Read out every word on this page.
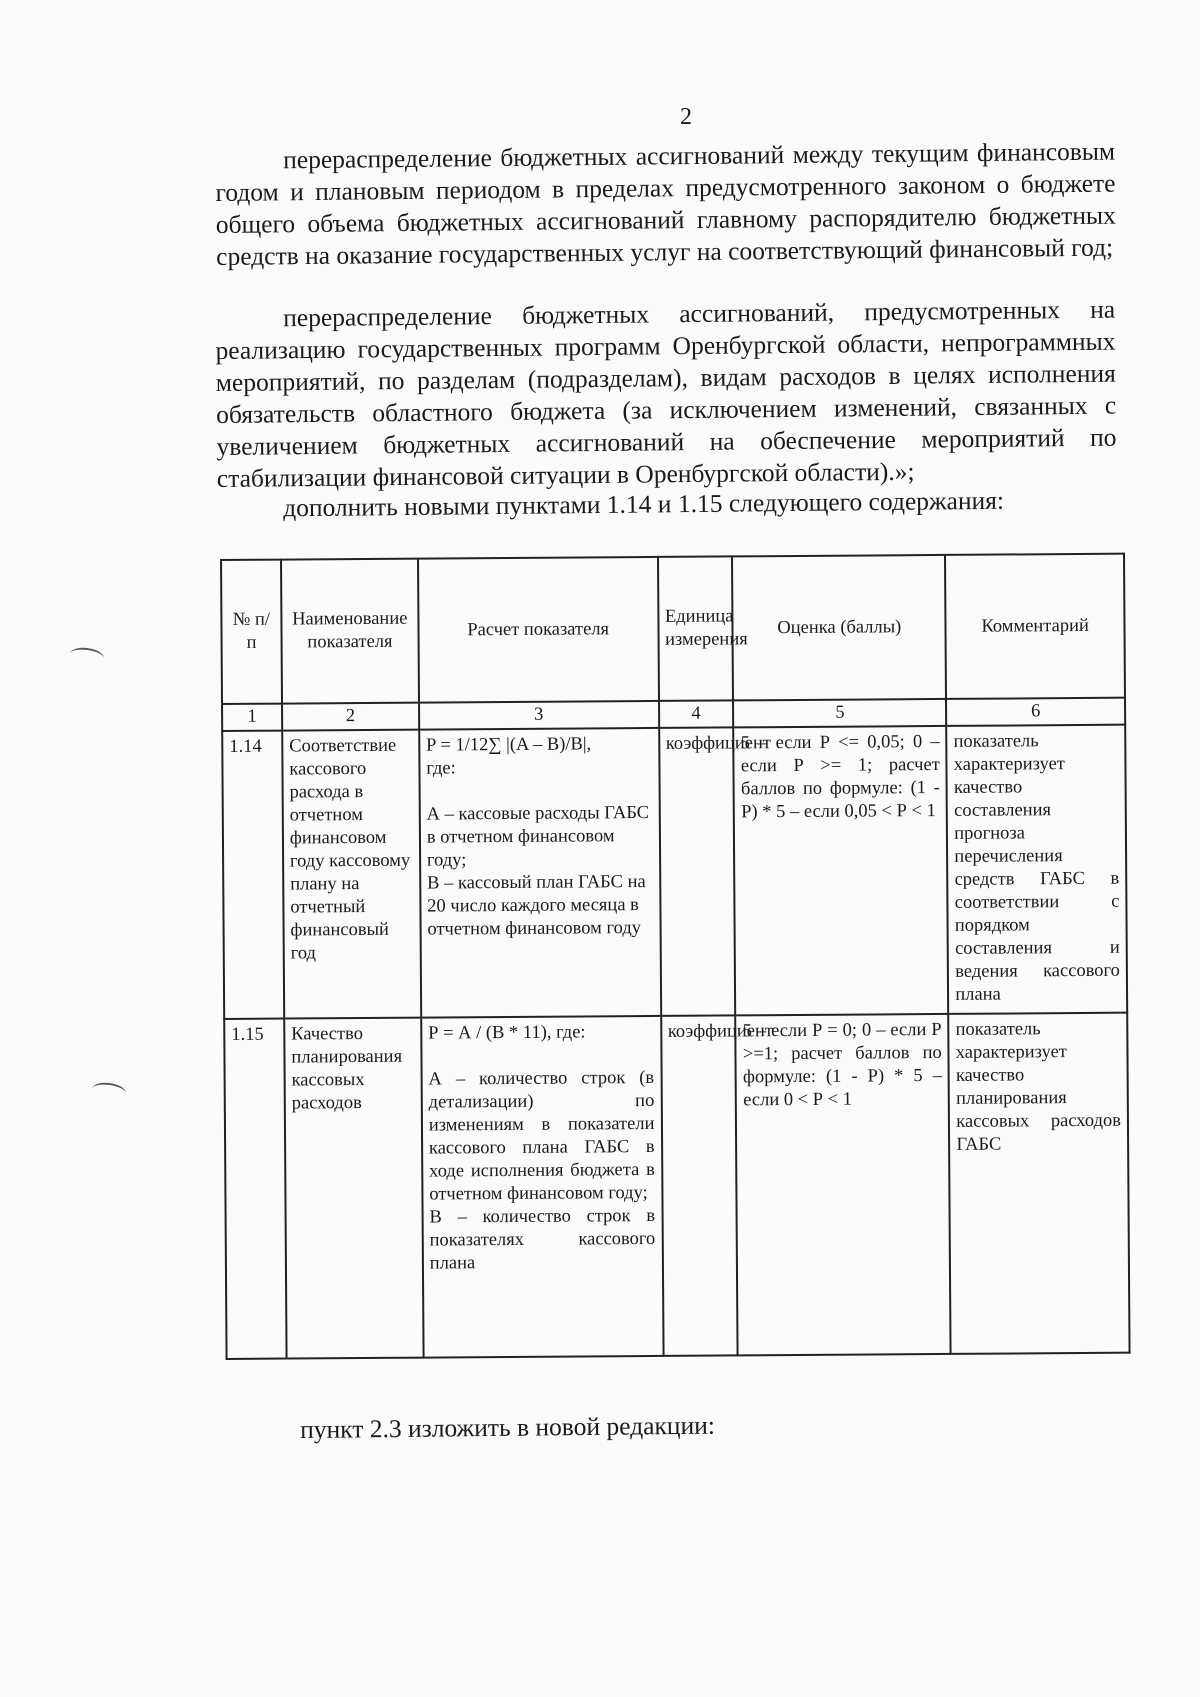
2

перераспределение бюджетных ассигнований между текущим финансовым годом и плановым периодом в пределах предусмотренного законом о бюджете общего объема бюджетных ассигнований главному распорядителю бюджетных средств на оказание государственных услуг на соответствующий финансовый год;

перераспределение бюджетных ассигнований, предусмотренных на реализацию государственных программ Оренбургской области, непрограммных мероприятий, по разделам (подразделам), видам расходов в целях исполнения обязательств областного бюджета (за исключением изменений, связанных с увеличением бюджетных ассигнований на обеспечение мероприятий по стабилизации финансовой ситуации в Оренбургской области).»;

дополнить новыми пунктами 1.14 и 1.15 следующего содержания:

№ п/п	Наименование показателя	Расчет показателя	Единица измерения	Оценка (баллы)	Комментарий
1	2	3	4	5	6
1.14	Соответствие кассового расхода в отчетном финансовом году кассовому плану на отчетный финансовый год	P = 1/12∑ |(A – B)/B|,
где:

А – кассовые расходы ГАБС в отчетном финансовом году;
В – кассовый план ГАБС на 20 число каждого месяца в отчетном финансовом году	коэффициент	5 – если Р <= 0,05; 0 – если Р >= 1; расчет баллов по формуле: (1 - Р) * 5 – если 0,05 < Р < 1	показатель характеризует качество составления прогноза перечисления средств ГАБС в соответствии с порядком составления и ведения кассового плана
1.15	Качество планирования кассовых расходов	Р = А / (В * 11), где:

А – количество строк (в детализации) по изменениям в показатели кассового плана ГАБС в ходе исполнения бюджета в отчетном финансовом году;
В – количество строк в показателях кассового плана	коэффициент	5 – если Р = 0; 0 – если Р >=1; расчет баллов по формуле: (1 - Р) * 5 – если 0 < Р < 1	показатель характеризует качество планирования кассовых расходов ГАБС
пункт 2.3 изложить в новой редакции:
